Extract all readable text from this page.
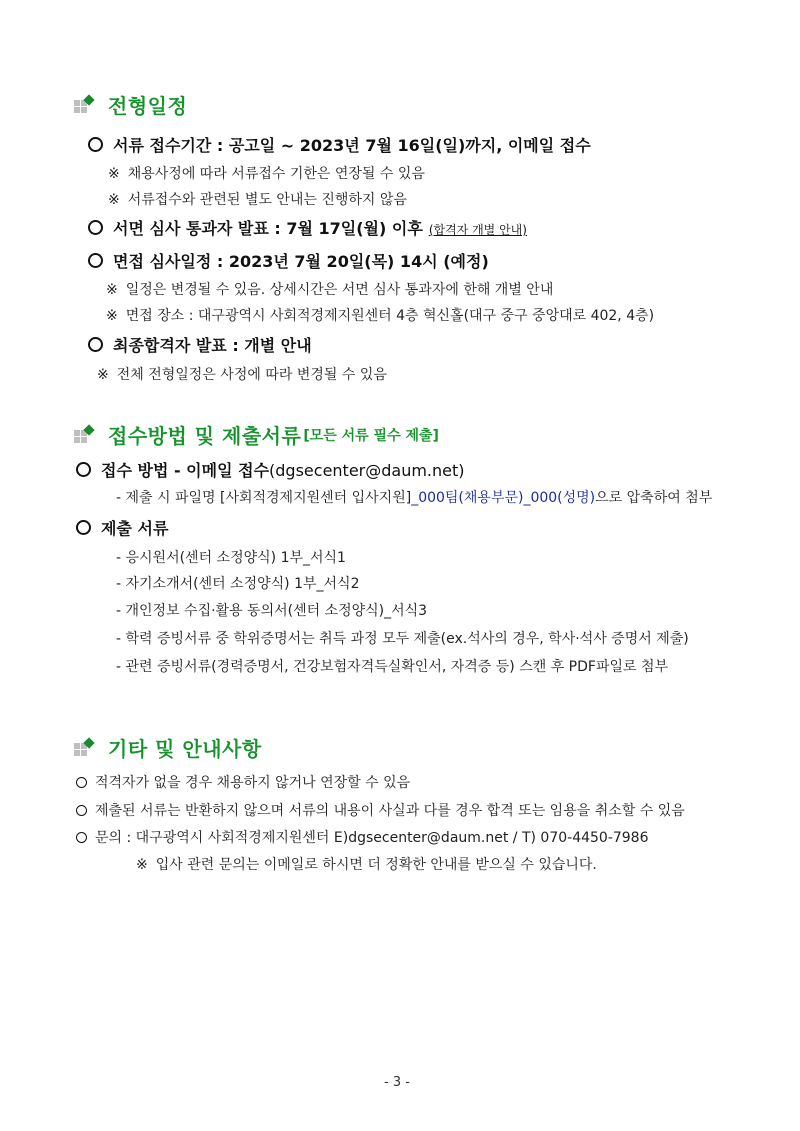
전형일정
서류 접수기간 : 공고일 ~ 2023년 7월 16일(일)까지, 이메일 접수
※ 채용사정에 따라 서류접수 기한은 연장될 수 있음
※ 서류접수와 관련된 별도 안내는 진행하지 않음
서면 심사 통과자 발표 : 7월 17일(월) 이후 (합격자 개별 안내)
면접 심사일정 : 2023년 7월 20일(목) 14시 (예정)
※ 일정은 변경될 수 있음. 상세시간은 서면 심사 통과자에 한해 개별 안내
※ 면접 장소 : 대구광역시 사회적경제지원센터 4층 혁신홀(대구 중구 중앙대로 402, 4층)
최종합격자 발표 : 개별 안내
※ 전체 전형일정은 사정에 따라 변경될 수 있음
접수방법 및 제출서류 [모든 서류 필수 제출]
접수 방법 - 이메일 접수(dgsecenter@daum.net)
- 제출 시 파일명 [사회적경제지원센터 입사지원]_000팀(채용부문)_000(성명)으로 압축하여 첨부
제출 서류
- 응시원서(센터 소정양식) 1부_서식1
- 자기소개서(센터 소정양식) 1부_서식2
- 개인정보 수집·활용 동의서(센터 소정양식)_서식3
- 학력 증빙서류 중 학위증명서는 취득 과정 모두 제출(ex.석사의 경우, 학사·석사 증명서 제출)
- 관련 증빙서류(경력증명서, 건강보험자격득실확인서, 자격증 등) 스캔 후 PDF파일로 첨부
기타 및 안내사항
적격자가 없을 경우 채용하지 않거나 연장할 수 있음
제출된 서류는 반환하지 않으며 서류의 내용이 사실과 다를 경우 합격 또는 임용을 취소할 수 있음
문의 : 대구광역시 사회적경제지원센터 E)dgsecenter@daum.net / T) 070-4450-7986
※ 입사 관련 문의는 이메일로 하시면 더 정확한 안내를 받으실 수 있습니다.
- 3 -
